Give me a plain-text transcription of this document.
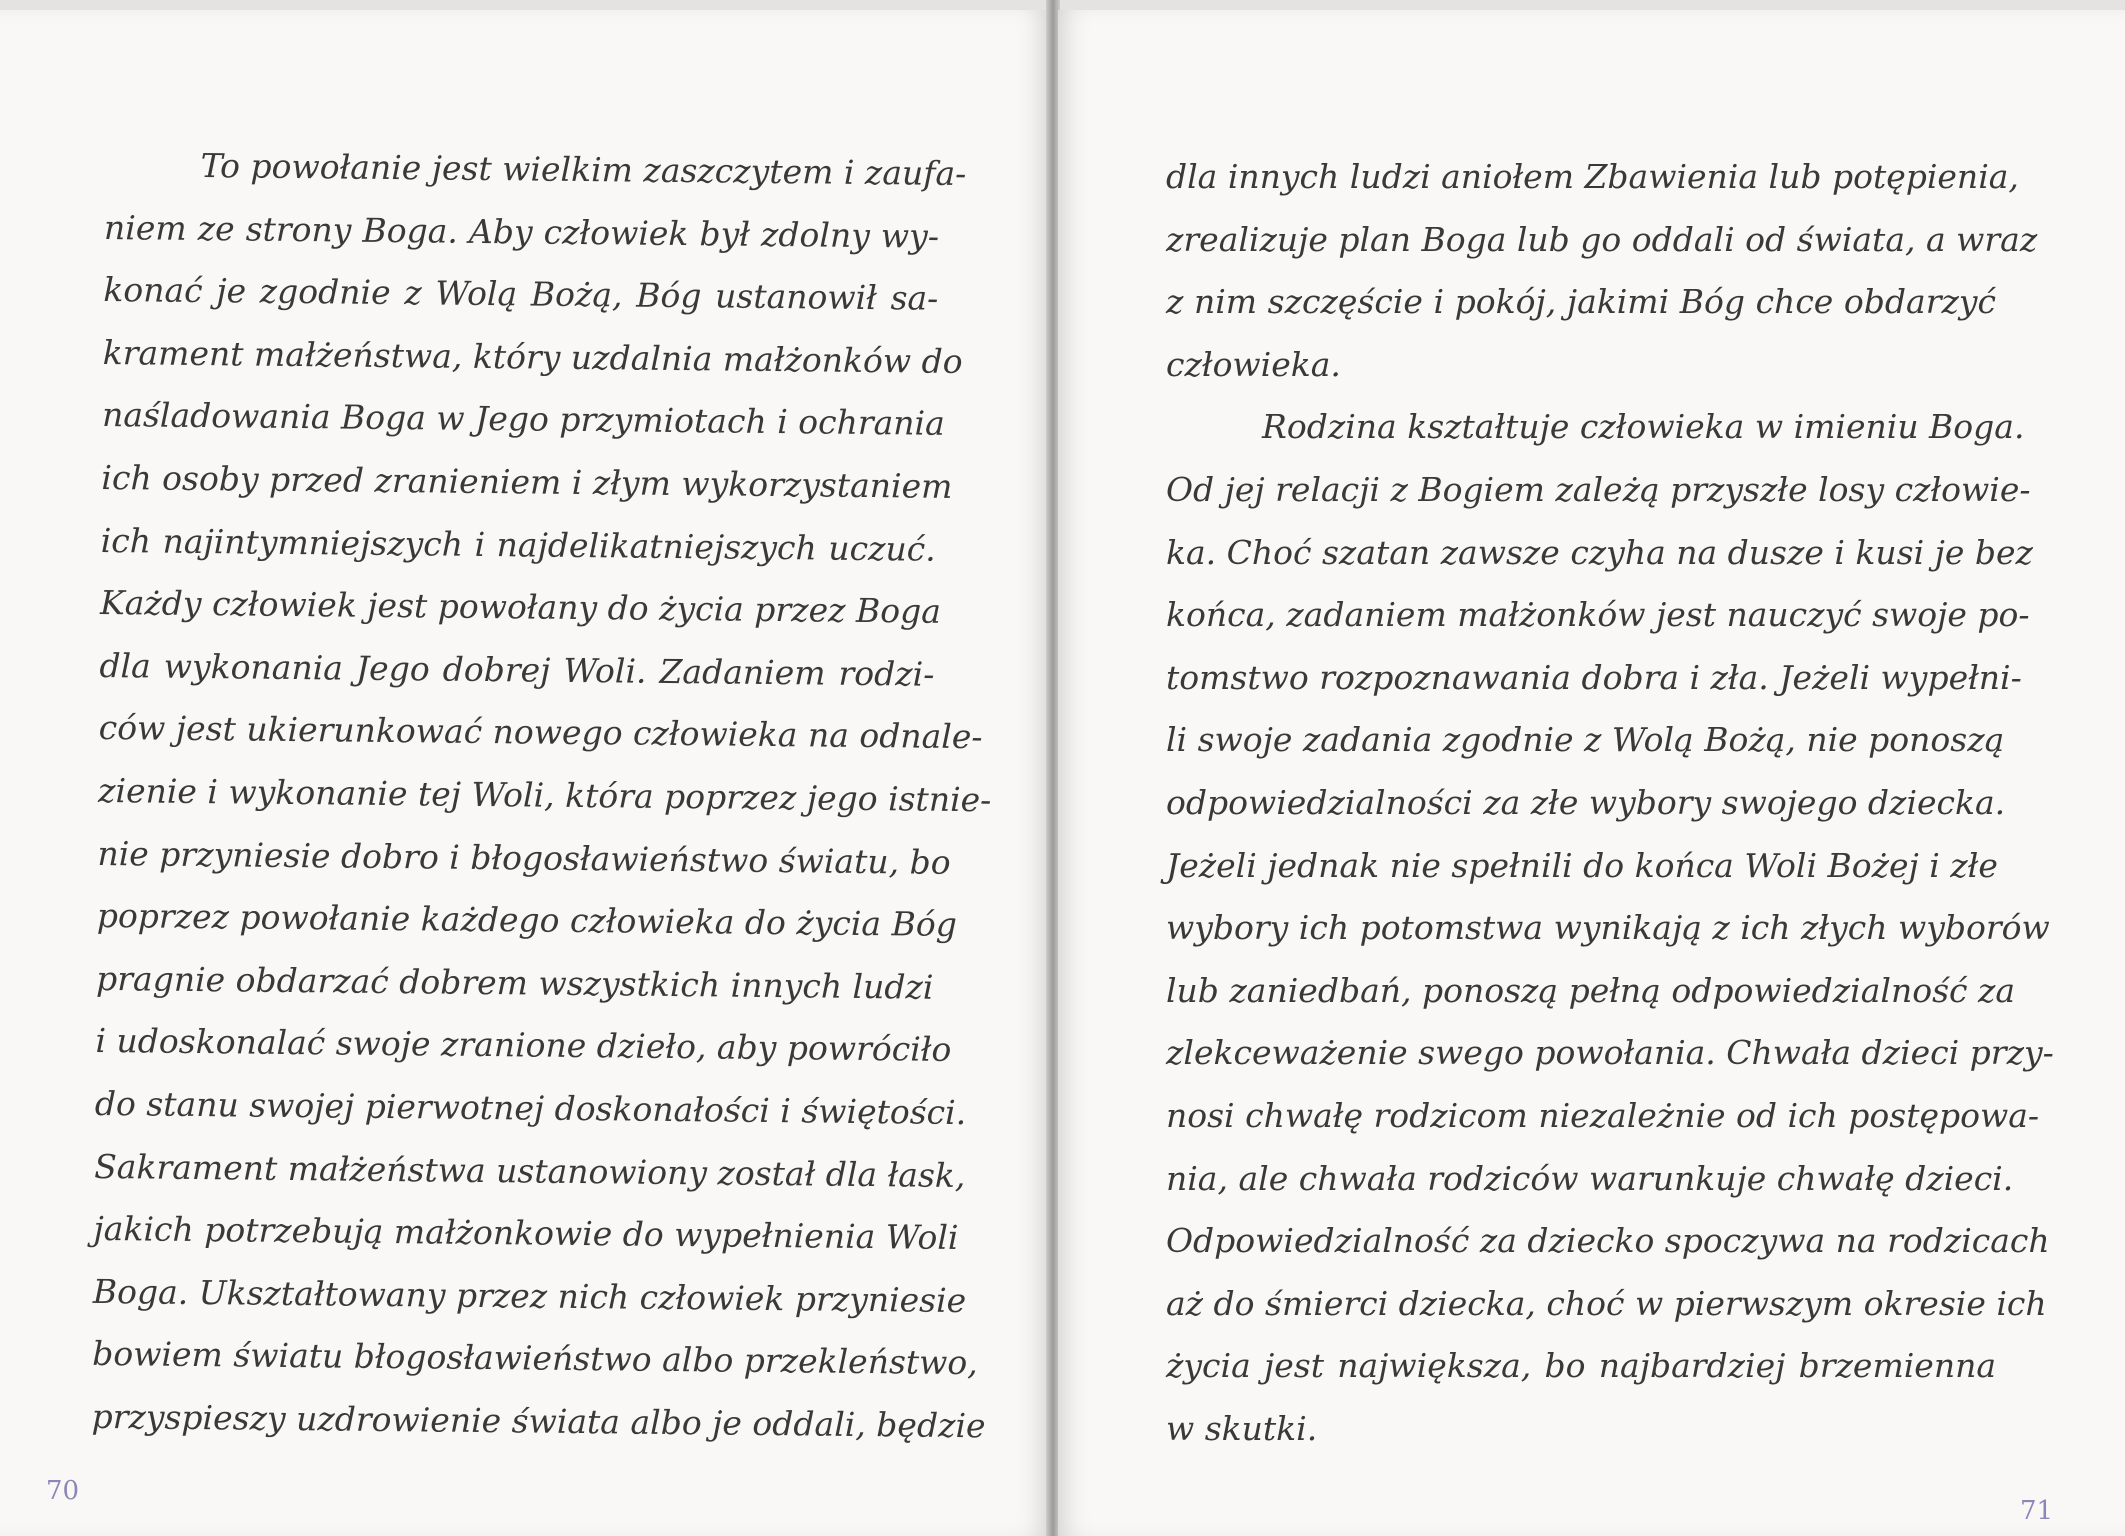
To powołanie jest wielkim zaszczytem i zaufa-
niem ze strony Boga. Aby człowiek był zdolny wy-
konać je zgodnie z Wolą Bożą, Bóg ustanowił sa-
krament małżeństwa, który uzdalnia małżonków do
naśladowania Boga w Jego przymiotach i ochrania
ich osoby przed zranieniem i złym wykorzystaniem
ich najintymniejszych i najdelikatniejszych uczuć.
Każdy człowiek jest powołany do życia przez Boga
dla wykonania Jego dobrej Woli. Zadaniem rodzi-
ców jest ukierunkować nowego człowieka na odnale-
zienie i wykonanie tej Woli, która poprzez jego istnie-
nie przyniesie dobro i błogosławieństwo światu, bo
poprzez powołanie każdego człowieka do życia Bóg
pragnie obdarzać dobrem wszystkich innych ludzi
i udoskonalać swoje zranione dzieło, aby powróciło
do stanu swojej pierwotnej doskonałości i świętości.
Sakrament małżeństwa ustanowiony został dla łask,
jakich potrzebują małżonkowie do wypełnienia Woli
Boga. Ukształtowany przez nich człowiek przyniesie
bowiem światu błogosławieństwo albo przekleństwo,
przyspieszy uzdrowienie świata albo je oddali, będzie
70
dla innych ludzi aniołem Zbawienia lub potępienia,
zrealizuje plan Boga lub go oddali od świata, a wraz
z nim szczęście i pokój, jakimi Bóg chce obdarzyć
człowieka.
Rodzina kształtuje człowieka w imieniu Boga.
Od jej relacji z Bogiem zależą przyszłe losy człowie-
ka. Choć szatan zawsze czyha na dusze i kusi je bez
końca, zadaniem małżonków jest nauczyć swoje po-
tomstwo rozpoznawania dobra i zła. Jeżeli wypełni-
li swoje zadania zgodnie z Wolą Bożą, nie ponoszą
odpowiedzialności za złe wybory swojego dziecka.
Jeżeli jednak nie spełnili do końca Woli Bożej i złe
wybory ich potomstwa wynikają z ich złych wyborów
lub zaniedbań, ponoszą pełną odpowiedzialność za
zlekceważenie swego powołania. Chwała dzieci przy-
nosi chwałę rodzicom niezależnie od ich postępowa-
nia, ale chwała rodziców warunkuje chwałę dzieci.
Odpowiedzialność za dziecko spoczywa na rodzicach
aż do śmierci dziecka, choć w pierwszym okresie ich
życia jest największa, bo najbardziej brzemienna
w skutki.
71
